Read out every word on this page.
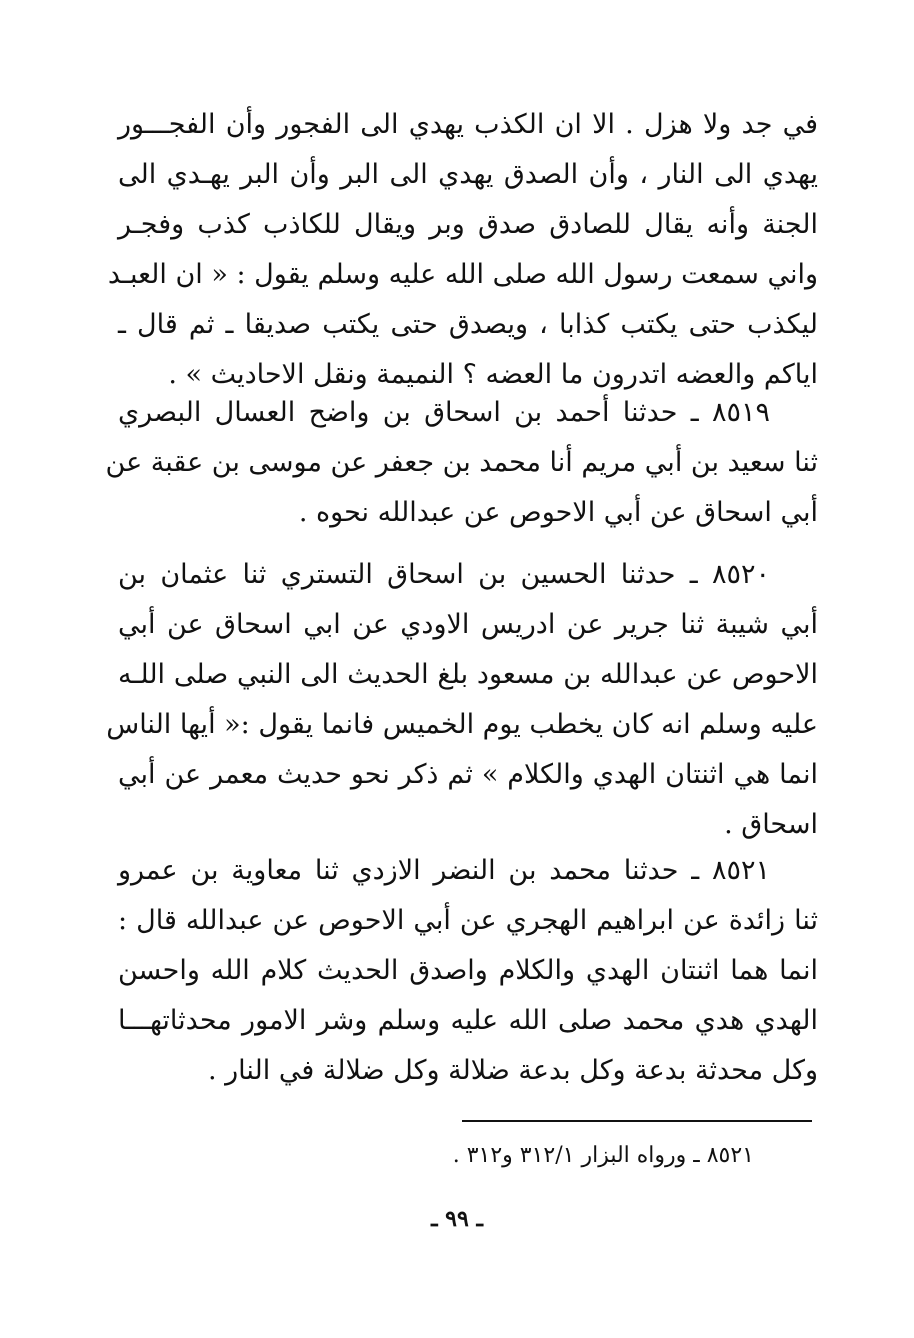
في جد ولا هزل . الا ان الكذب يهدي الى الفجور وأن الفجـــور
يهدي الى النار ، وأن الصدق يهدي الى البر وأن البر يهـدي الى
الجنة وأنه يقال للصادق صدق وبر ويقال للكاذب كذب وفجـر
واني سمعت رسول الله صلى الله عليه وسلم يقول : « ان العبـد
ليكذب حتى يكتب كذابا ، ويصدق حتى يكتب صديقا ـ ثم قال ـ
اياكم والعضه اتدرون ما العضه ؟ النميمة ونقل الاحاديث » .
٨٥١٩ ـ حدثنا أحمد بن اسحاق بن واضح العسال البصري
ثنا سعيد بن أبي مريم أنا محمد بن جعفر عن موسى بن عقبة عن
أبي اسحاق عن أبي الاحوص عن عبدالله نحوه .
٨٥٢٠ ـ حدثنا الحسين بن اسحاق التستري ثنا عثمان بن
أبي شيبة ثنا جرير عن ادريس الاودي عن ابي اسحاق عن أبي
الاحوص عن عبدالله بن مسعود بلغ الحديث الى النبي صلى اللـه
عليه وسلم انه كان يخطب يوم الخميس فانما يقول :« أيها الناس
انما هي اثنتان الهدي والكلام » ثم ذكر نحو حديث معمر عن أبي
اسحاق .
٨٥٢١ ـ حدثنا محمد بن النضر الازدي ثنا معاوية بن عمرو
ثنا زائدة عن ابراهيم الهجري عن أبي الاحوص عن عبدالله قال :
انما هما اثنتان الهدي والكلام واصدق الحديث كلام الله واحسن
الهدي هدي محمد صلى الله عليه وسلم وشر الامور محدثاتهـــا
وكل محدثة بدعة وكل بدعة ضلالة وكل ضلالة في النار .
٨٥٢١ ـ ورواه البزار ٣١٢/١ و٣١٢ .
ـ ٩٩ ـ
